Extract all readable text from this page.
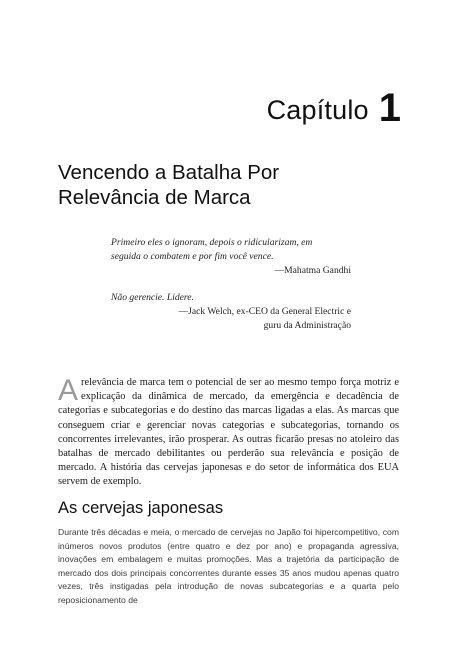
Capítulo 1
Vencendo a Batalha Por
Relevância de Marca
Primeiro eles o ignoram, depois o ridicularizam, em
seguida o combatem e por fim você vence.
—Mahatma Gandhi
Não gerencie. Lidere.
—Jack Welch, ex-CEO da General Electric e
guru da Administração

Arelevância de marca tem o potencial de ser ao mesmo tempo força motriz e explicação da dinâmica de mercado, da emergência e decadência de categorias e subcategorias e do destino das marcas ligadas a elas. As marcas que conseguem criar e gerenciar novas categorias e subcategorias, tornando os concorrentes irrelevantes, irão prosperar. As outras ficarão presas no atoleiro das batalhas de mercado debilitantes ou perderão sua relevância e posição de mercado. A história das cervejas japonesas e do setor de informática dos EUA servem de exemplo.

As cervejas japonesas

Durante três décadas e meia, o mercado de cervejas no Japão foi hipercompetitivo, com inúmeros novos produtos (entre quatro e dez por ano) e propaganda agressiva, inovações em embalagem e muitas promoções. Mas a trajetória da participação de mercado dos dois principais concorrentes durante esses 35 anos mudou apenas quatro vezes, três instigadas pela introdução de novas subcategorias e a quarta pelo reposicionamento de
